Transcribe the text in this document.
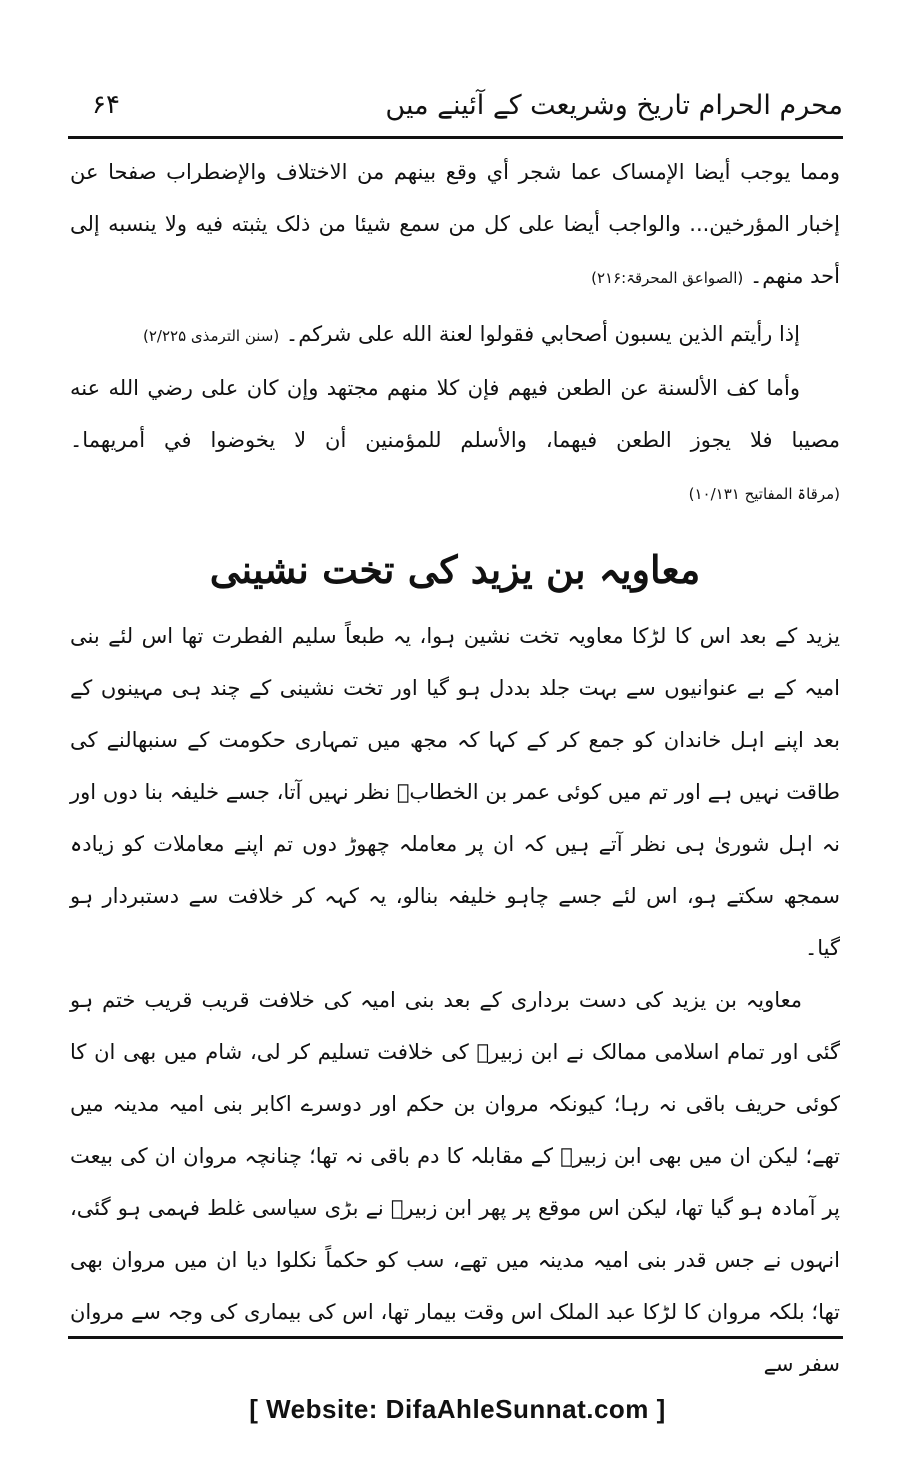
محرم الحرام تاریخ وشریعت کے آئینے میں
۶۴

ومما يوجب أيضا الإمساک عما شجر أي وقع بينهم من الاختلاف والإضطراب صفحا عن إخبار المؤرخين... والواجب أيضا على كل من سمع شيئا من ذلک يثبته فيه ولا ينسبه إلى أحد منهم۔ (الصواعق المحرقۃ:۲۱۶)

إذا رأيتم الذين يسبون أصحابي فقولوا لعنة الله على شركم۔ (سنن الترمذی ۲/۲۲۵)

وأما كف الألسنة عن الطعن فيهم فإن كلا منهم مجتهد وإن كان على رضي الله عنه مصيبا فلا يجوز الطعن فيهما، والأسلم للمؤمنين أن لا يخوضوا في أمريهما۔ (مرقاۃ المفاتیح ۱۰/۱۳۱)

معاویہ بن یزید کی تخت نشینی

یزید کے بعد اس کا لڑکا معاویہ تخت نشین ہوا، یہ طبعاً سلیم الفطرت تھا اس لئے بنی امیہ کے بے عنوانیوں سے بہت جلد بددل ہو گیا اور تخت نشینی کے چند ہی مہینوں کے بعد اپنے اہل خاندان کو جمع کر کے کہا کہ مجھ میں تمہاری حکومت کے سنبھالنے کی طاقت نہیں ہے اور تم میں کوئی عمر بن الخطابؓ نظر نہیں آتا، جسے خلیفہ بنا دوں اور نہ اہل شوریٰ ہی نظر آتے ہیں کہ ان پر معاملہ چھوڑ دوں تم اپنے معاملات کو زیادہ سمجھ سکتے ہو، اس لئے جسے چاہو خلیفہ بنالو، یہ کہہ کر خلافت سے دستبردار ہو گیا۔

معاویہ بن یزید کی دست برداری کے بعد بنی امیہ کی خلافت قریب قریب ختم ہو گئی اور تمام اسلامی ممالک نے ابن زبیرؓ کی خلافت تسلیم کر لی، شام میں بھی ان کا کوئی حریف باقی نہ رہا؛ کیونکہ مروان بن حکم اور دوسرے اکابر بنی امیہ مدینہ میں تھے؛ لیکن ان میں بھی ابن زبیرؓ کے مقابلہ کا دم باقی نہ تھا؛ چنانچہ مروان ان کی بیعت پر آمادہ ہو گیا تھا، لیکن اس موقع پر پھر ابن زبیرؓ نے بڑی سیاسی غلط فہمی ہو گئی، انہوں نے جس قدر بنی امیہ مدینہ میں تھے، سب کو حکماً نکلوا دیا ان میں مروان بھی تھا؛ بلکہ مروان کا لڑکا عبد الملک اس وقت بیمار تھا، اس کی بیماری کی وجہ سے مروان سفر سے

[ Website: DifaAhleSunnat.com ]
